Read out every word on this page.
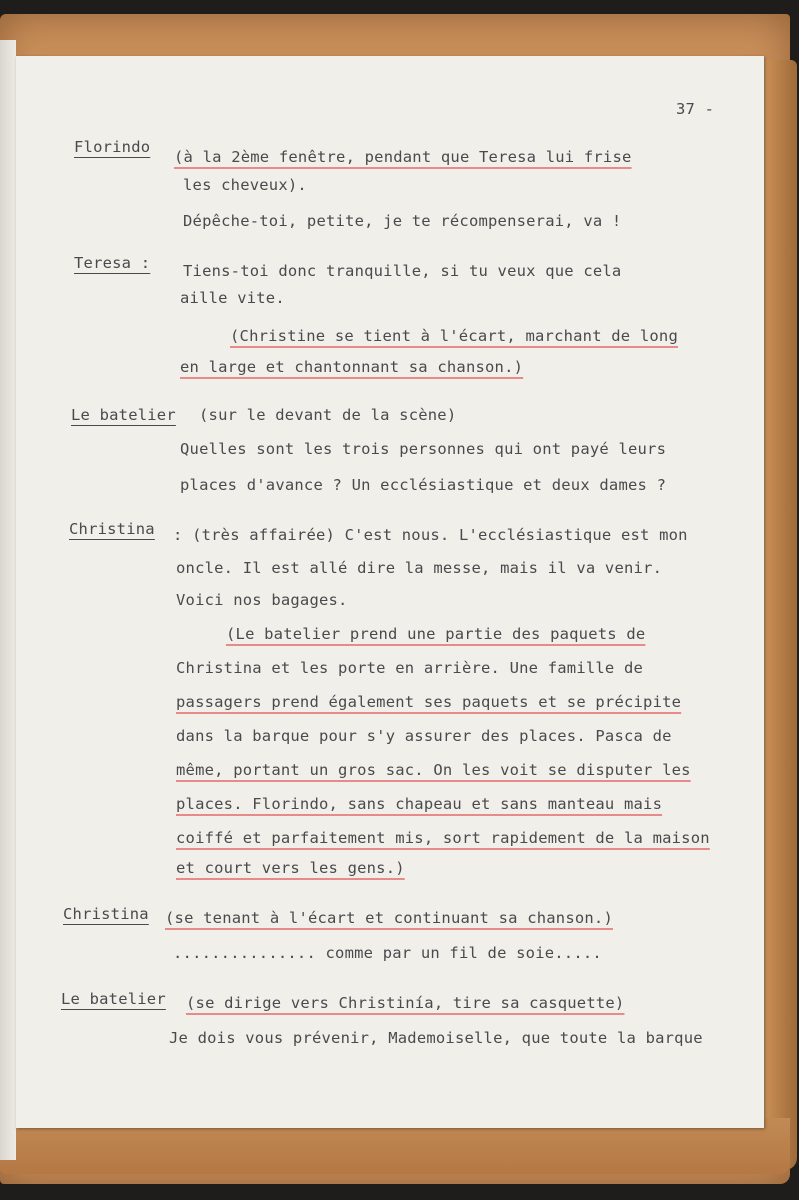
37 -
Florindo
(à la 2ème fenêtre, pendant que Teresa lui frise
les cheveux).
Dépêche-toi, petite, je te récompenserai, va !
Teresa : Tiens-toi donc tranquille, si tu veux que cela
aille vite.
(Christine se tient à l'écart, marchant de long
en large et chantonnant sa chanson.)
Le batelier (sur le devant de la scène)
Quelles sont les trois personnes qui ont payé leurs
places d'avance ? Un ecclésiastique et deux dames ?
Christina : (très affairée) C'est nous. L'ecclésiastique est mon
oncle. Il est allé dire la messe, mais il va venir.
Voici nos bagages.
(Le batelier prend une partie des paquets de
Christina et les porte en arrière. Une famille de
passagers prend également ses paquets et se précipite
dans la barque pour s'y assurer des places. Pasca de
même, portant un gros sac. On les voit se disputer les
places. Florindo, sans chapeau et sans manteau mais
coiffé et parfaitement mis, sort rapidement de la maison
et court vers les gens.)
Christina (se tenant à l'écart et continuant sa chanson.)
............... comme par un fil de soie.....
Le batelier (se dirige vers Christinía, tire sa casquette)
Je dois vous prévenir, Mademoiselle, que toute la barque
